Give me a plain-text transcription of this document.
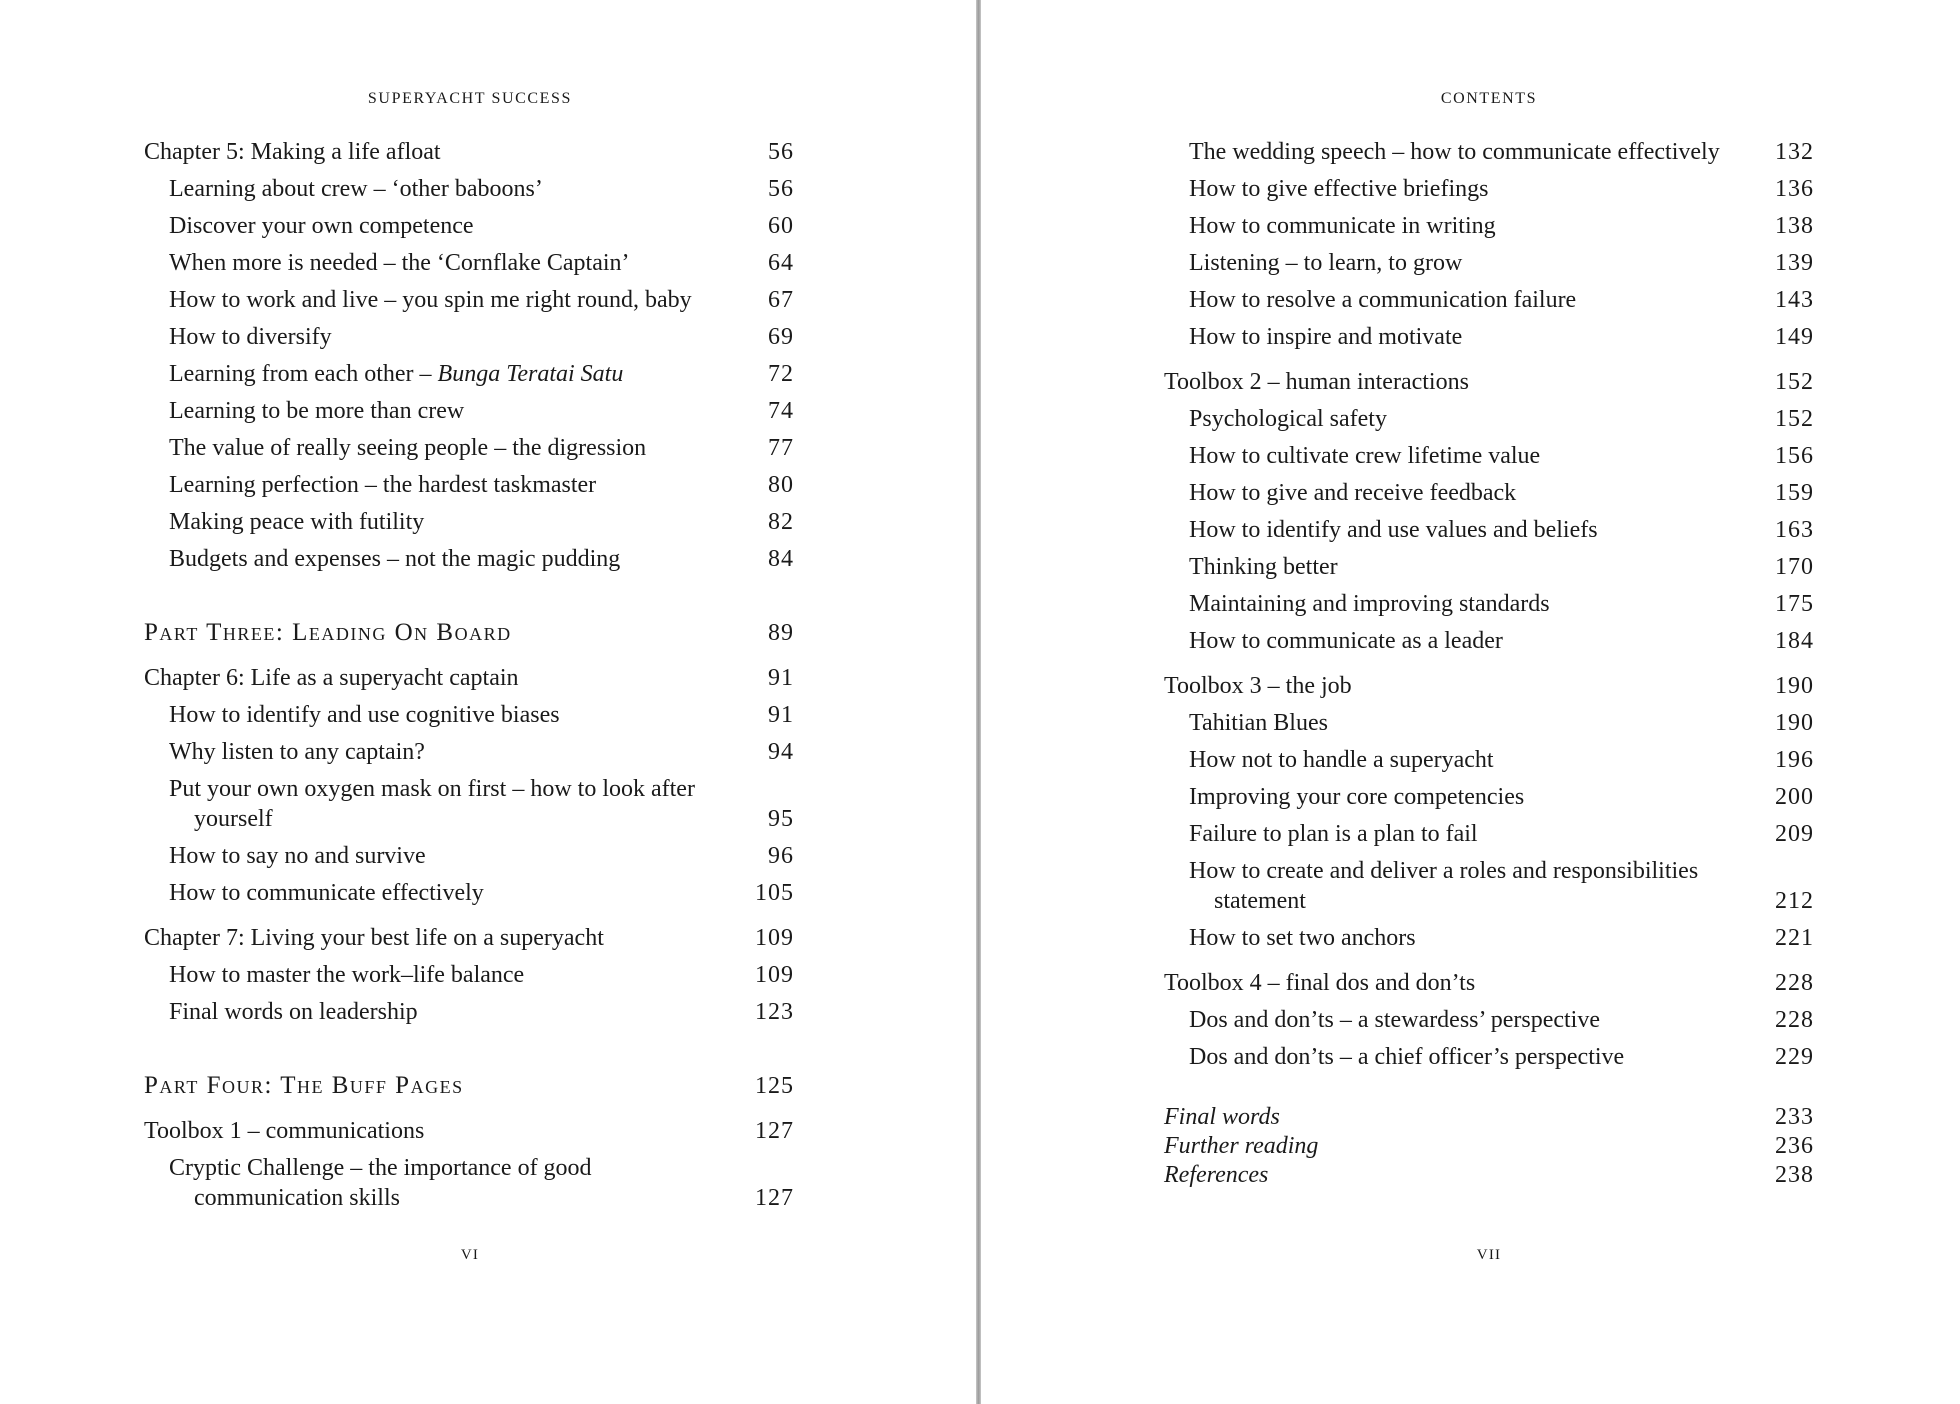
SUPERYACHT SUCCESS
Chapter 5: Making a life afloat	56
Learning about crew – ‘other baboons’	56
Discover your own competence	60
When more is needed – the ‘Cornflake Captain’	64
How to work and live – you spin me right round, baby	67
How to diversify	69
Learning from each other – Bunga Teratai Satu	72
Learning to be more than crew	74
The value of really seeing people – the digression	77
Learning perfection – the hardest taskmaster	80
Making peace with futility	82
Budgets and expenses – not the magic pudding	84
Part Three: Leading On Board	89
Chapter 6: Life as a superyacht captain	91
How to identify and use cognitive biases	91
Why listen to any captain?	94
Put your own oxygen mask on first – how to look after
yourself	95
How to say no and survive	96
How to communicate effectively	105
Chapter 7: Living your best life on a superyacht	109
How to master the work–life balance	109
Final words on leadership	123
Part Four: The Buff Pages	125
Toolbox 1 – communications	127
Cryptic Challenge – the importance of good
communication skills	127
VI
CONTENTS
The wedding speech – how to communicate effectively	132
How to give effective briefings	136
How to communicate in writing	138
Listening – to learn, to grow	139
How to resolve a communication failure	143
How to inspire and motivate	149
Toolbox 2 – human interactions	152
Psychological safety	152
How to cultivate crew lifetime value	156
How to give and receive feedback	159
How to identify and use values and beliefs	163
Thinking better	170
Maintaining and improving standards	175
How to communicate as a leader	184
Toolbox 3 – the job	190
Tahitian Blues	190
How not to handle a superyacht	196
Improving your core competencies	200
Failure to plan is a plan to fail	209
How to create and deliver a roles and responsibilities
statement	212
How to set two anchors	221
Toolbox 4 – final dos and don’ts	228
Dos and don’ts – a stewardess’ perspective	228
Dos and don’ts – a chief officer’s perspective	229
Final words	233
Further reading	236
References	238
VII
